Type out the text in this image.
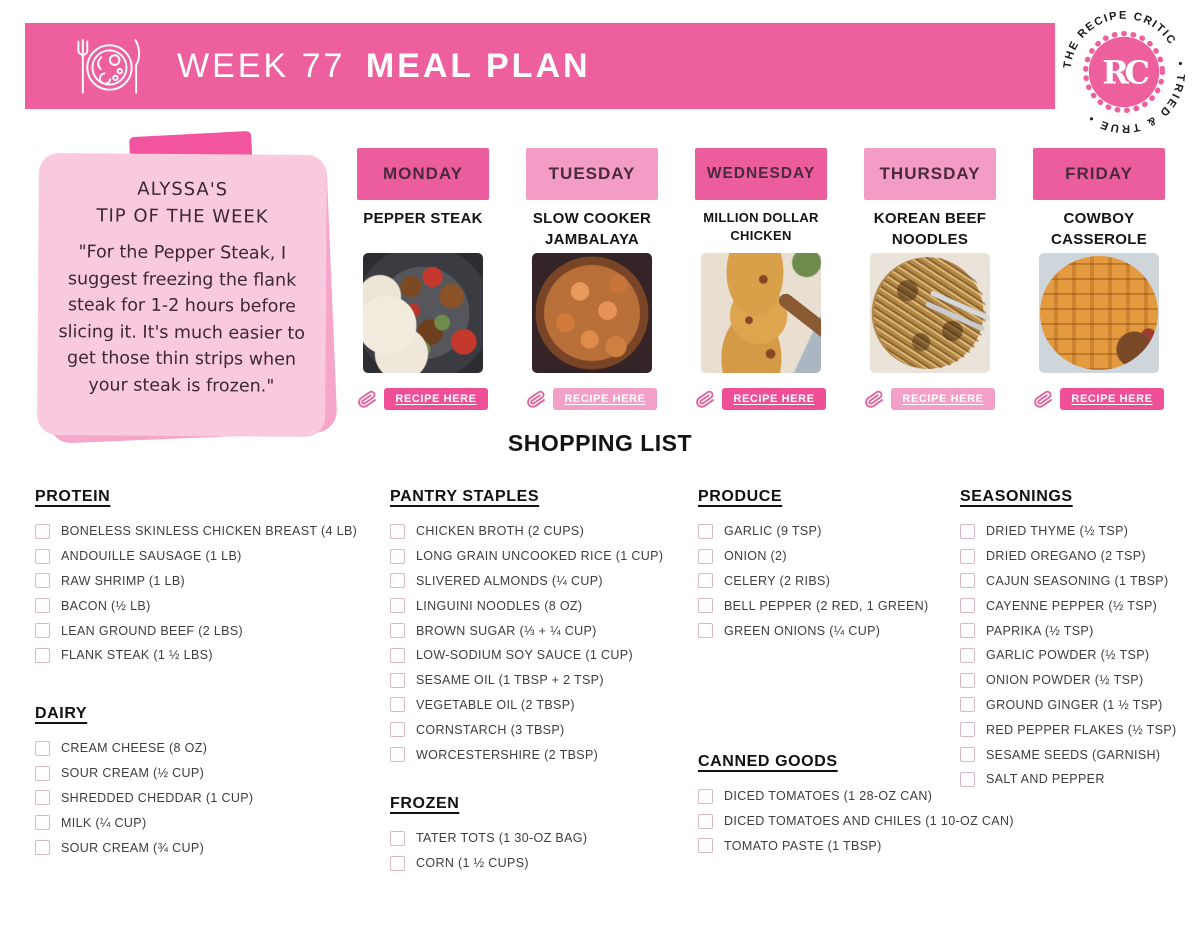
WEEK 77 MEAL PLAN	THE RECIPE CRITIC
• TRIED & TRUE •
RC
ALYSSA'S
TIP OF THE WEEK
"For the Pepper Steak, I suggest freezing the flank steak for 1-2 hours before slicing it. It's much easier to get those thin strips when your steak is frozen."
MONDAY
PEPPER STEAK
RECIPE HERE
TUESDAY
SLOW COOKER JAMBALAYA
RECIPE HERE
WEDNESDAY
MILLION DOLLAR CHICKEN
RECIPE HERE
THURSDAY
KOREAN BEEF NOODLES
RECIPE HERE
FRIDAY
COWBOY CASSEROLE
RECIPE HERE
SHOPPING LIST
PROTEIN
BONELESS SKINLESS CHICKEN BREAST (4 LB)
ANDOUILLE SAUSAGE (1 LB)
RAW SHRIMP (1 LB)
BACON (½ LB)
LEAN GROUND BEEF (2 LBS)
FLANK STEAK (1 ½ LBS)
DAIRY
CREAM CHEESE (8 OZ)
SOUR CREAM (½ CUP)
SHREDDED CHEDDAR (1 CUP)
MILK (¼ CUP)
SOUR CREAM (¾ CUP)
PANTRY STAPLES
CHICKEN BROTH (2 CUPS)
LONG GRAIN UNCOOKED RICE (1 CUP)
SLIVERED ALMONDS (¼ CUP)
LINGUINI NOODLES (8 OZ)
BROWN SUGAR (⅓ + ¼ CUP)
LOW-SODIUM SOY SAUCE (1 CUP)
SESAME OIL (1 TBSP + 2 TSP)
VEGETABLE OIL (2 TBSP)
CORNSTARCH (3 TBSP)
WORCESTERSHIRE (2 TBSP)
FROZEN
TATER TOTS (1 30-OZ BAG)
CORN (1 ½ CUPS)
PRODUCE
GARLIC (9 TSP)
ONION (2)
CELERY (2 RIBS)
BELL PEPPER (2 RED, 1 GREEN)
GREEN ONIONS (¼ CUP)
CANNED GOODS
DICED TOMATOES (1 28-OZ CAN)
DICED TOMATOES AND CHILES (1 10-OZ CAN)
TOMATO PASTE (1 TBSP)
SEASONINGS
DRIED THYME (½ TSP)
DRIED OREGANO (2 TSP)
CAJUN SEASONING (1 TBSP)
CAYENNE PEPPER (½ TSP)
PAPRIKA (½ TSP)
GARLIC POWDER (½ TSP)
ONION POWDER (½ TSP)
GROUND GINGER (1 ½ TSP)
RED PEPPER FLAKES (½ TSP)
SESAME SEEDS (GARNISH)
SALT AND PEPPER
